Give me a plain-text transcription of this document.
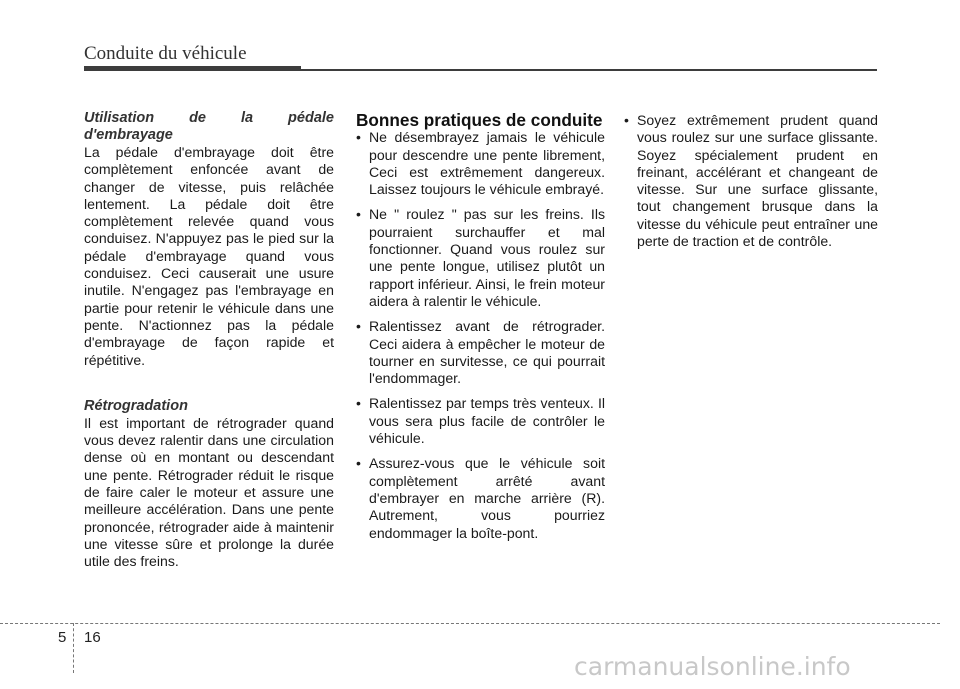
Conduite du véhicule

Utilisation de la pédale d'embrayage

La pédale d'embrayage doit être complètement enfoncée avant de changer de vitesse, puis relâchée lentement. La pédale doit être complètement relevée quand vous conduisez. N'appuyez pas le pied sur la pédale d'embrayage quand vous conduisez. Ceci causerait une usure inutile. N'engagez pas l'embrayage en partie pour retenir le véhicule dans une pente. N'actionnez pas la pédale d'embrayage de façon rapide et répétitive.

Rétrogradation

Il est important de rétrograder quand vous devez ralentir dans une circulation dense où en montant ou descendant une pente. Rétrograder réduit le risque de faire caler le moteur et assure une meilleure accélération. Dans une pente prononcée, rétrograder aide à maintenir une vitesse sûre et prolonge la durée utile des freins.

Bonnes pratiques de conduite

• Ne désembrayez jamais le véhicule pour descendre une pente librement, Ceci est extrêmement dangereux. Laissez toujours le véhicule embrayé.
• Ne " roulez " pas sur les freins. Ils pourraient surchauffer et mal fonctionner. Quand vous roulez sur une pente longue, utilisez plutôt un rapport inférieur. Ainsi, le frein moteur aidera à ralentir le véhicule.
• Ralentissez avant de rétrograder. Ceci aidera à empêcher le moteur de tourner en survitesse, ce qui pourrait l'endommager.
• Ralentissez par temps très venteux. Il vous sera plus facile de contrôler le véhicule.
• Assurez-vous que le véhicule soit complètement arrêté avant d'embrayer en marche arrière (R). Autrement, vous pourriez endommager la boîte-pont.
• Soyez extrêmement prudent quand vous roulez sur une surface glissante. Soyez spécialement prudent en freinant, accélérant et changeant de vitesse. Sur une surface glissante, tout changement brusque dans la vitesse du véhicule peut entraîner une perte de traction et de contrôle.
5 16
carmanualsonline.info
